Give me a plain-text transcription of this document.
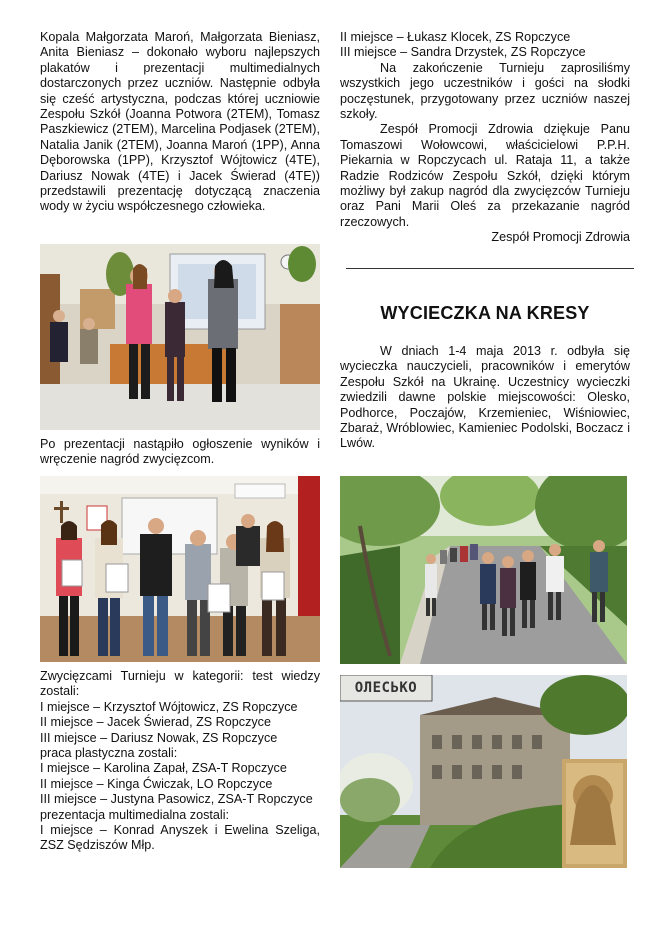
Kopala Małgorzata Maroń, Małgorzata Bieniasz, Anita Bieniasz – dokonało wyboru najlepszych plakatów i prezentacji multimedialnych dostarczonych przez uczniów. Następnie odbyła się cześć artystyczna, podczas której uczniowie Zespołu Szkół (Joanna Potwora (2TEM), Tomasz Paszkiewicz (2TEM), Marcelina Podjasek (2TEM), Natalia Janik (2TEM), Joanna Maroń (1PP), Anna Dęborowska (1PP), Krzysztof Wójtowicz (4TE), Dariusz Nowak (4TE) i Jacek Świerad (4TE)) przedstawili prezentację dotyczącą znaczenia wody w życiu współczesnego człowieka.

Po prezentacji nastąpiło ogłoszenie wyników i wręczenie nagród zwycięzcom.

Zwycięzcami Turnieju w kategorii: test wiedzy zostali:

I miejsce – Krzysztof Wójtowicz, ZS Ropczyce

II miejsce – Jacek Świerad, ZS Ropczyce

III miejsce – Dariusz Nowak, ZS Ropczyce

praca plastyczna zostali:

I miejsce – Karolina Zapał, ZSA-T Ropczyce

II miejsce – Kinga Ćwiczak, LO Ropczyce

III miejsce – Justyna Pasowicz, ZSA-T Ropczyce

prezentacja multimedialna zostali:

I miejsce – Konrad Anyszek i Ewelina Szeliga, ZSZ Sędziszów Młp.

II miejsce – Łukasz Klocek, ZS Ropczyce

III miejsce – Sandra Drzystek, ZS Ropczyce

Na zakończenie Turnieju zaprosiliśmy wszystkich jego uczestników i gości na słodki poczęstunek, przygotowany przez uczniów naszej szkoły.

Zespół Promocji Zdrowia dziękuje Panu Tomaszowi Wołowcowi, właścicielowi P.P.H. Piekarnia w Ropczycach ul. Rataja 11, a także Radzie Rodziców Zespołu Szkół, dzięki którym możliwy był zakup nagród dla zwycięzców Turnieju oraz Pani Marii Oleś za przekazanie nagród rzeczowych.

Zespół Promocji Zdrowia

WYCIECZKA NA KRESY

W dniach 1-4 maja 2013 r. odbyła się wycieczka nauczycieli, pracowników i emerytów Zespołu Szkół na Ukrainę. Uczestnicy wycieczki zwiedzili dawne polskie miejscowości: Olesko, Podhorce, Poczajów, Krzemieniec, Wiśniowiec, Zbaraż, Wróblowiec, Kamieniec Podolski, Boczacz i Lwów.

ОЛЕСЬКО
